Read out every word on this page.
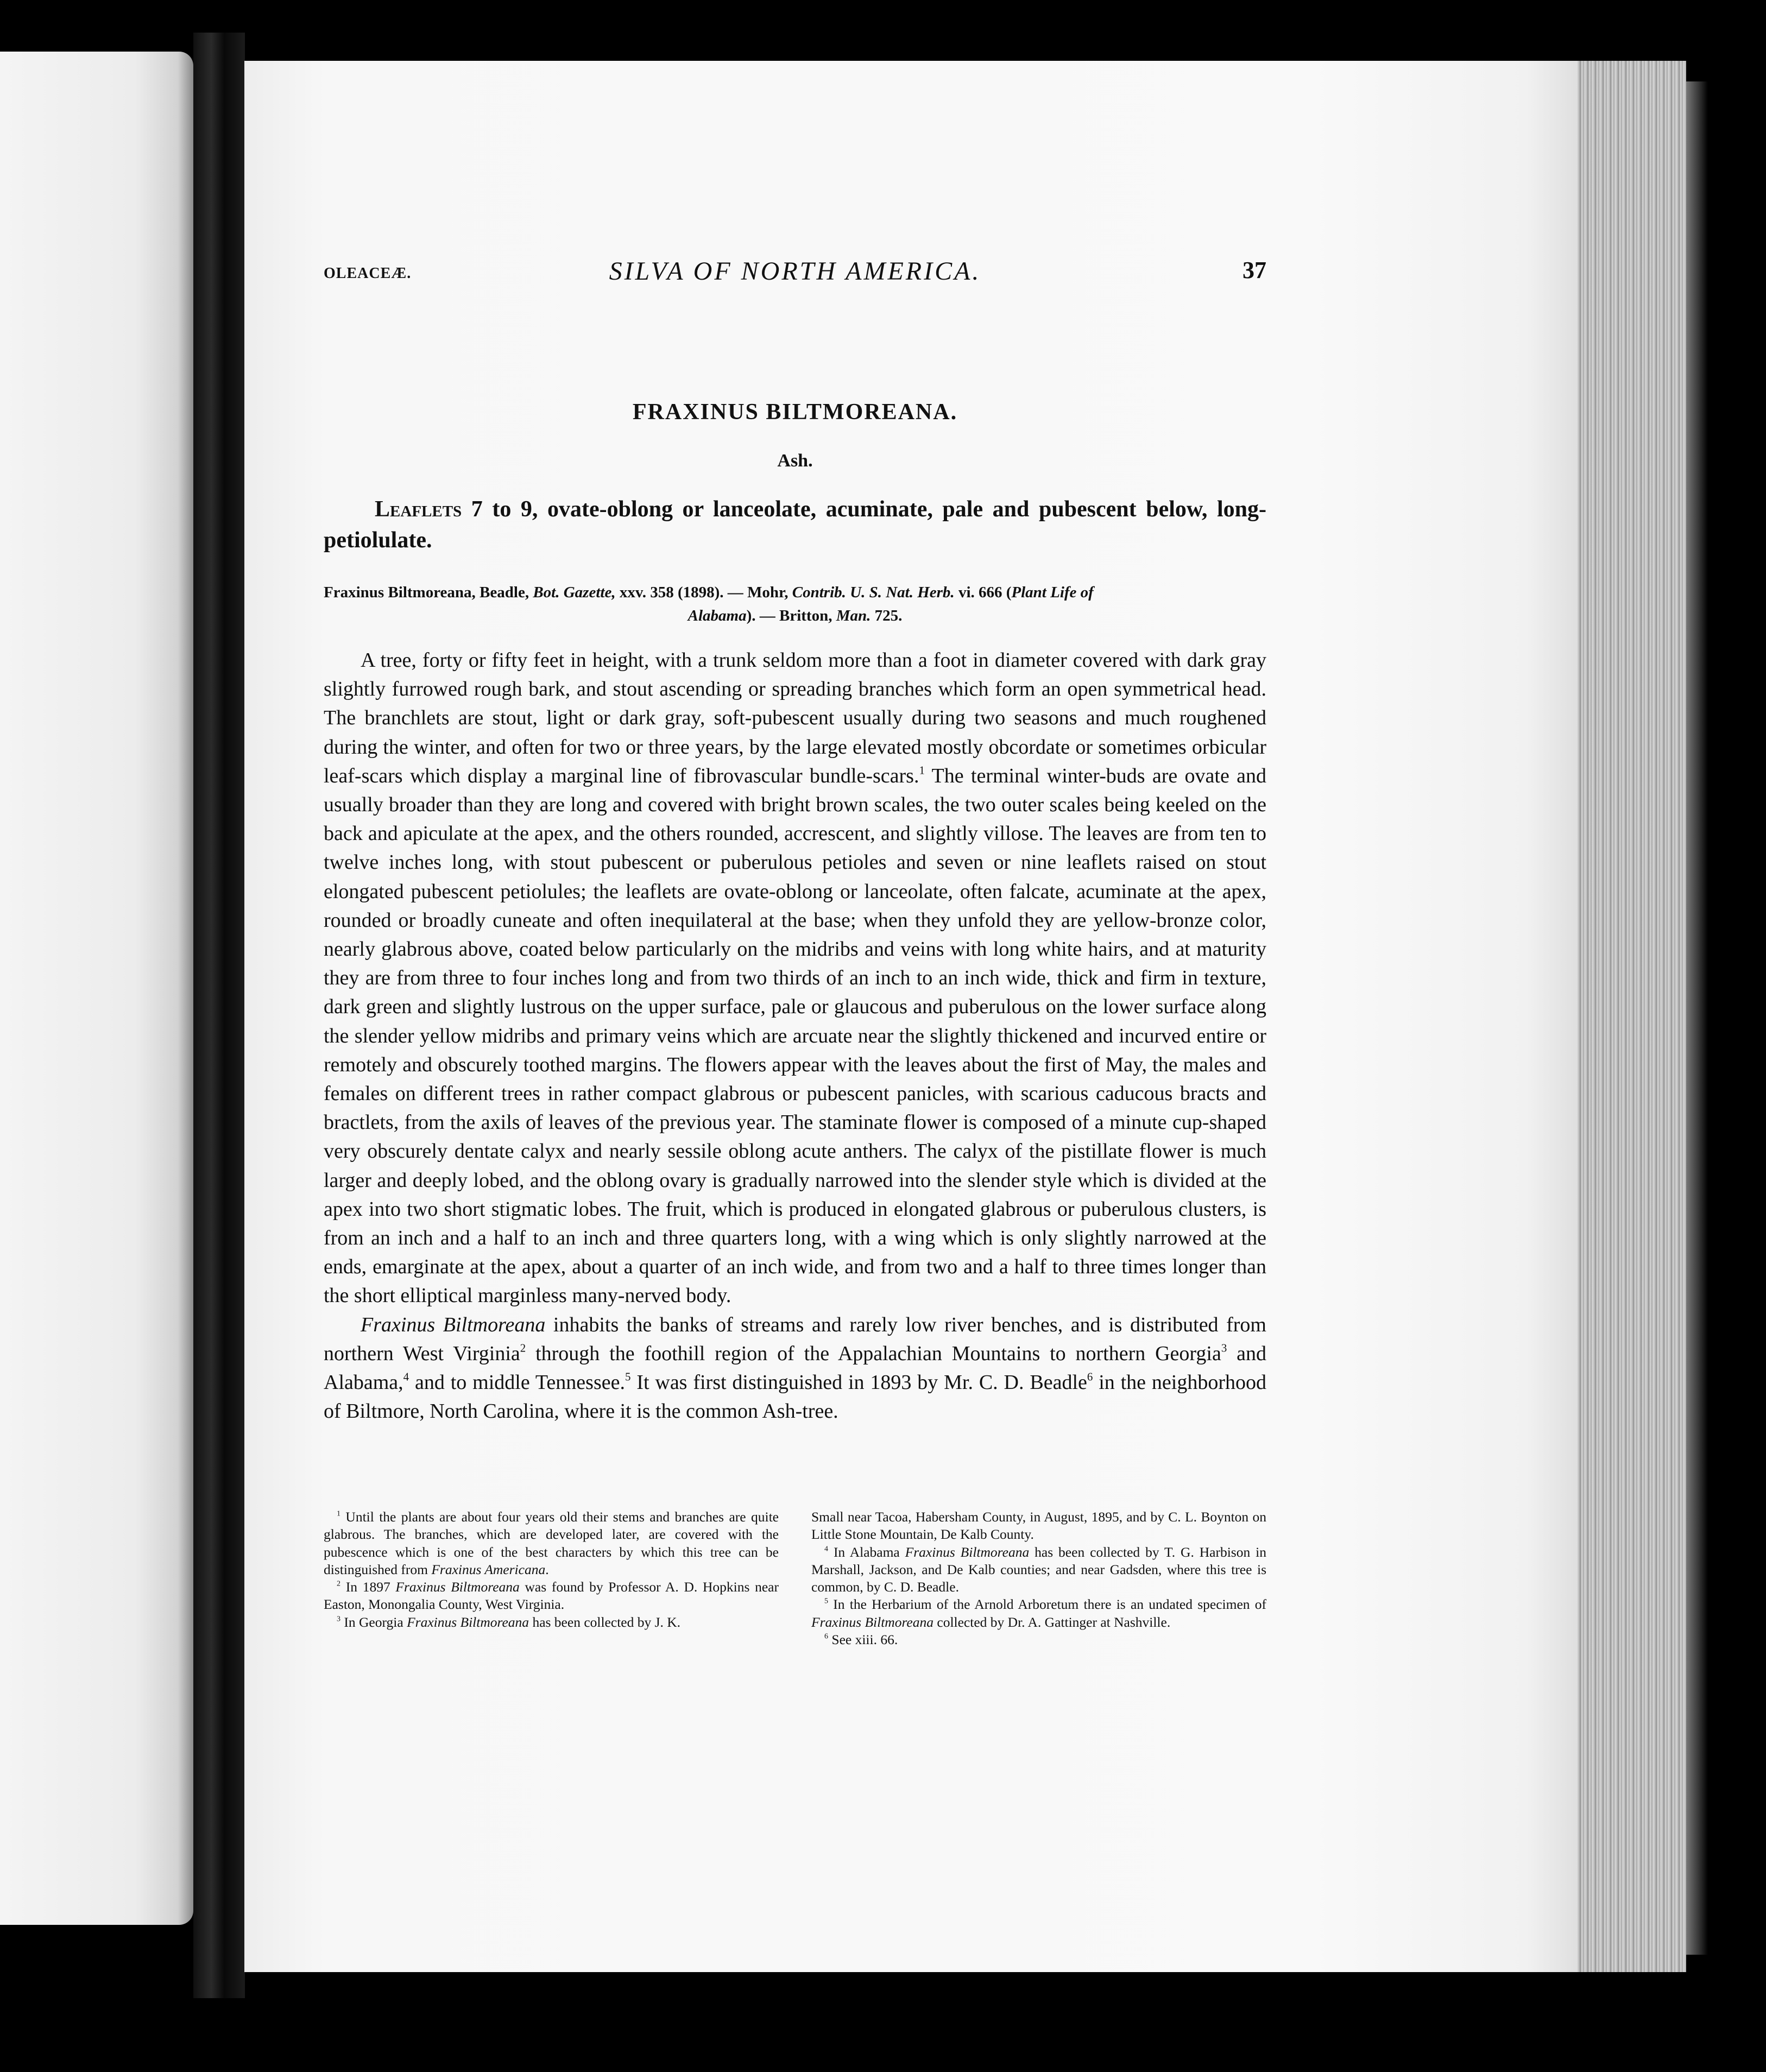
OLEACEÆ.	SILVA OF NORTH AMERICA.	37
FRAXINUS BILTMOREANA.
Ash.

Leaflets 7 to 9, ovate-oblong or lanceolate, acuminate, pale and pubescent below, long-petiolulate.

Fraxinus Biltmoreana, Beadle, Bot. Gazette, xxv. 358 (1898). — Mohr, Contrib. U. S. Nat. Herb. vi. 666 (Plant Life of
Alabama). — Britton, Man. 725.

A tree, forty or fifty feet in height, with a trunk seldom more than a foot in diameter covered with dark gray slightly furrowed rough bark, and stout ascending or spreading branches which form an open symmetrical head. The branchlets are stout, light or dark gray, soft-pubescent usually during two seasons and much roughened during the winter, and often for two or three years, by the large elevated mostly obcordate or sometimes orbicular leaf-scars which display a marginal line of fibrovascular bundle-scars.$^1$ The terminal winter-buds are ovate and usually broader than they are long and covered with bright brown scales, the two outer scales being keeled on the back and apiculate at the apex, and the others rounded, accrescent, and slightly villose. The leaves are from ten to twelve inches long, with stout pubescent or puberulous petioles and seven or nine leaflets raised on stout elongated pubescent petiolules; the leaflets are ovate-oblong or lanceolate, often falcate, acuminate at the apex, rounded or broadly cuneate and often inequilateral at the base; when they unfold they are yellow-bronze color, nearly glabrous above, coated below particularly on the midribs and veins with long white hairs, and at maturity they are from three to four inches long and from two thirds of an inch to an inch wide, thick and firm in texture, dark green and slightly lustrous on the upper surface, pale or glaucous and puberulous on the lower surface along the slender yellow midribs and primary veins which are arcuate near the slightly thickened and incurved entire or remotely and obscurely toothed margins. The flowers appear with the leaves about the first of May, the males and females on different trees in rather compact glabrous or pubescent panicles, with scarious caducous bracts and bractlets, from the axils of leaves of the previous year. The staminate flower is composed of a minute cup-shaped very obscurely dentate calyx and nearly sessile oblong acute anthers. The calyx of the pistillate flower is much larger and deeply lobed, and the oblong ovary is gradually narrowed into the slender style which is divided at the apex into two short stigmatic lobes. The fruit, which is produced in elongated glabrous or puberulous clusters, is from an inch and a half to an inch and three quarters long, with a wing which is only slightly narrowed at the ends, emarginate at the apex, about a quarter of an inch wide, and from two and a half to three times longer than the short elliptical marginless many-nerved body.

Fraxinus Biltmoreana inhabits the banks of streams and rarely low river benches, and is distributed from northern West Virginia$^2$ through the foothill region of the Appalachian Mountains to northern Georgia$^3$ and Alabama,$^4$ and to middle Tennessee.$^5$ It was first distinguished in 1893 by Mr. C. D. Beadle$^6$ in the neighborhood of Biltmore, North Carolina, where it is the common Ash-tree.

$^1$ Until the plants are about four years old their stems and branches are quite glabrous. The branches, which are developed later, are covered with the pubescence which is one of the best characters by which this tree can be distinguished from Fraxinus Americana.

$^2$ In 1897 Fraxinus Biltmoreana was found by Professor A. D. Hopkins near Easton, Monongalia County, West Virginia.

$^3$ In Georgia Fraxinus Biltmoreana has been collected by J. K.

Small near Tacoa, Habersham County, in August, 1895, and by C. L. Boynton on Little Stone Mountain, De Kalb County.

$^4$ In Alabama Fraxinus Biltmoreana has been collected by T. G. Harbison in Marshall, Jackson, and De Kalb counties; and near Gadsden, where this tree is common, by C. D. Beadle.

$^5$ In the Herbarium of the Arnold Arboretum there is an undated specimen of Fraxinus Biltmoreana collected by Dr. A. Gattinger at Nashville.

$^6$ See xiii. 66.
